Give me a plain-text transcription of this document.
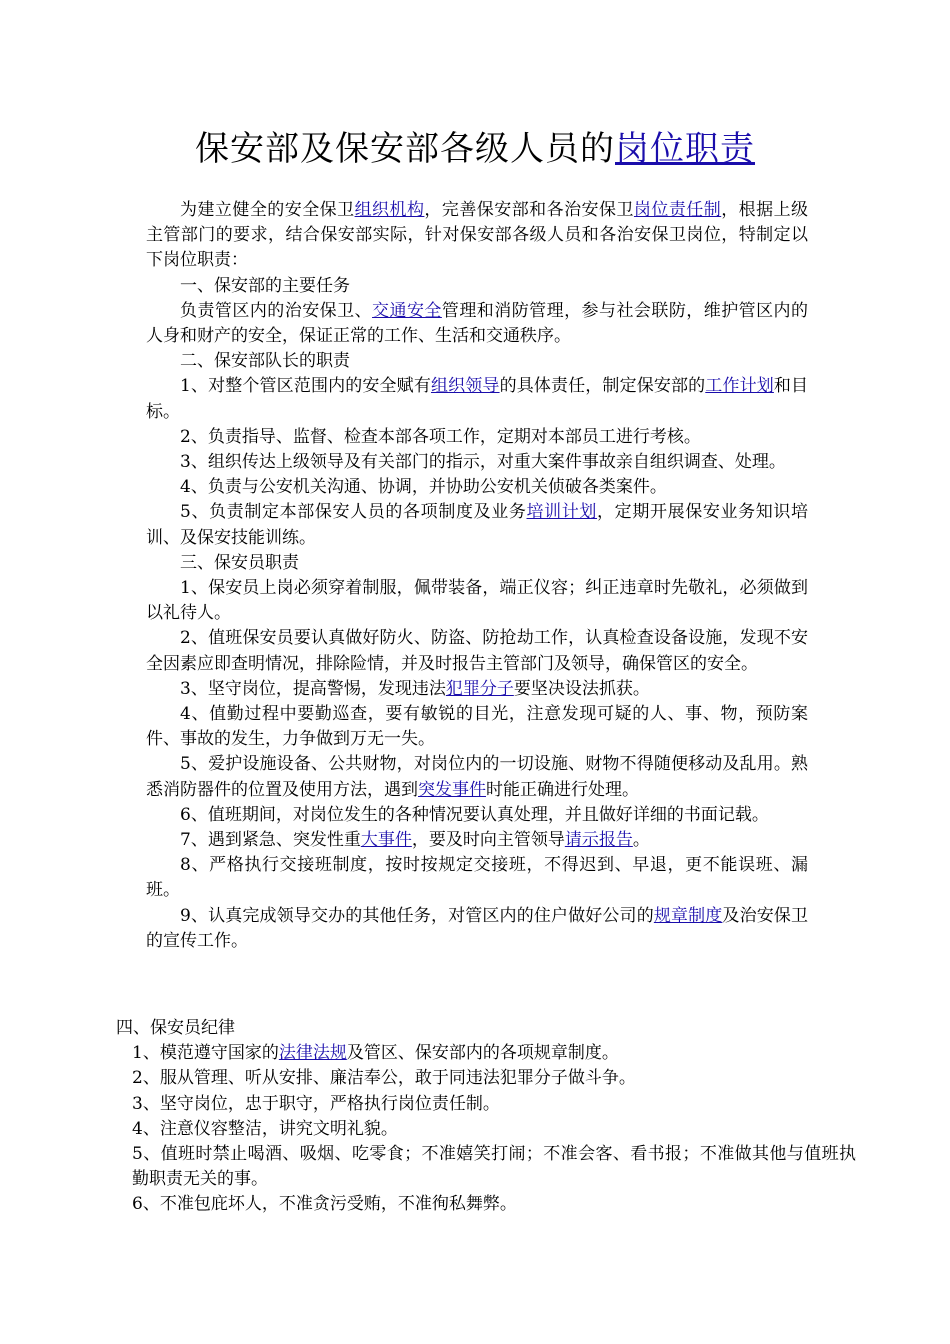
保安部及保安部各级人员的岗位职责

为建立健全的安全保卫组织机构，完善保安部和各治安保卫岗位责任制，根据上级主管部门的要求，结合保安部实际，针对保安部各级人员和各治安保卫岗位，特制定以下岗位职责：

一、保安部的主要任务

负责管区内的治安保卫、交通安全管理和消防管理，参与社会联防，维护管区内的人身和财产的安全，保证正常的工作、生活和交通秩序。

二、保安部队长的职责

1、对整个管区范围内的安全赋有组织领导的具体责任，制定保安部的工作计划和目标。

2、负责指导、监督、检查本部各项工作，定期对本部员工进行考核。

3、组织传达上级领导及有关部门的指示，对重大案件事故亲自组织调查、处理。

4、负责与公安机关沟通、协调，并协助公安机关侦破各类案件。

5、负责制定本部保安人员的各项制度及业务培训计划，定期开展保安业务知识培训、及保安技能训练。

三、保安员职责

1、保安员上岗必须穿着制服，佩带装备，端正仪容；纠正违章时先敬礼，必须做到以礼待人。

2、值班保安员要认真做好防火、防盗、防抢劫工作，认真检查设备设施，发现不安全因素应即查明情况，排除险情，并及时报告主管部门及领导，确保管区的安全。

3、坚守岗位，提高警惕，发现违法犯罪分子要坚决设法抓获。

4、值勤过程中要勤巡查，要有敏锐的目光，注意发现可疑的人、事、物，预防案件、事故的发生，力争做到万无一失。

5、爱护设施设备、公共财物，对岗位内的一切设施、财物不得随便移动及乱用。熟悉消防器件的位置及使用方法，遇到突发事件时能正确进行处理。

6、值班期间，对岗位发生的各种情况要认真处理，并且做好详细的书面记载。

7、遇到紧急、突发性重大事件，要及时向主管领导请示报告。

8、严格执行交接班制度，按时按规定交接班，不得迟到、早退，更不能误班、漏班。

9、认真完成领导交办的其他任务，对管区内的住户做好公司的规章制度及治安保卫的宣传工作。

四、保安员纪律

1、模范遵守国家的法律法规及管区、保安部内的各项规章制度。

2、服从管理、听从安排、廉洁奉公，敢于同违法犯罪分子做斗争。

3、坚守岗位，忠于职守，严格执行岗位责任制。

4、注意仪容整洁，讲究文明礼貌。

5、值班时禁止喝酒、吸烟、吃零食；不准嬉笑打闹；不准会客、看书报；不准做其他与值班执勤职责无关的事。

6、不准包庇坏人，不准贪污受贿，不准徇私舞弊。
